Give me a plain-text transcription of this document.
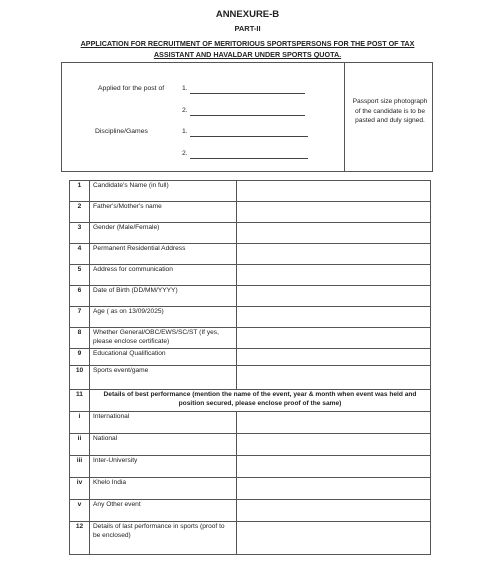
ANNEXURE-B
PART-II
APPLICATION FOR RECRUITMENT OF MERITORIOUS SPORTSPERSONS FOR THE POST OF TAX
ASSISTANT AND HAVALDAR UNDER SPORTS QUOTA.
Applied for the post of	1.
2.
Discipline/Games	1.
2.
Passport size photograph of the candidate is to be pasted and duly signed.
1	Candidate's Name (in full)	
2	Father's/Mother's name	
3	Gender (Male/Female)	
4	Permanent Residential Address	
5	Address for communication	
6	Date of Birth (DD/MM/YYYY)	
7	Age ( as on 13/09/2025)	
8	Whether General/OBC/EWS/SC/ST (If yes, please enclose certificate)	
9	Educational Qualification	
10	Sports event/game	
11	Details of best performance (mention the name of the event, year & month when event was held and position secured, please enclose proof of the same)	
i	International	
ii	National	
iii	Inter-University	
iv	Khelo India	
v	Any Other event	
12	Details of last performance in sports (proof to be enclosed)	
